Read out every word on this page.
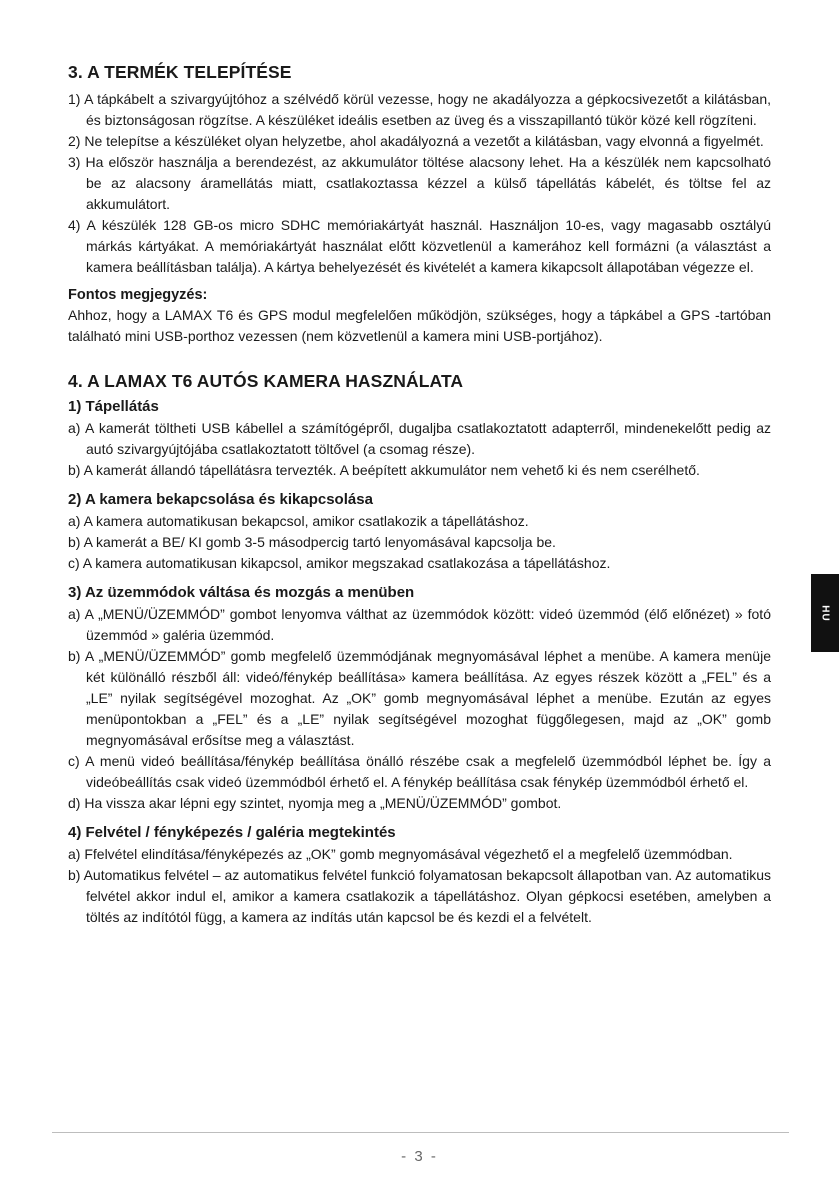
3. A TERMÉK TELEPÍTÉSE
1) A tápkábelt a szivargyújtóhoz a szélvédő körül vezesse, hogy ne akadályozza a gépkocsivezetőt a kilátásban, és biztonságosan rögzítse. A készüléket ideális esetben az üveg és a visszapillantó tükör közé kell rögzíteni.
2) Ne telepítse a készüléket olyan helyzetbe, ahol akadályozná a vezetőt a kilátásban, vagy elvonná a figyelmét.
3) Ha először használja a berendezést, az akkumulátor töltése alacsony lehet. Ha a készülék nem kapcsolható be az alacsony áramellátás miatt, csatlakoztassa kézzel a külső tápellátás kábelét, és töltse fel az akkumulátort.
4) A készülék 128 GB-os micro SDHC memóriakártyát használ. Használjon 10-es, vagy magasabb osztályú márkás kártyákat. A memóriakártyát használat előtt közvetlenül a kamerához kell formázni (a választást a kamera beállításban találja). A kártya behelyezését és kivételét a kamera kikapcsolt állapotában végezze el.
Fontos megjegyzés:

Ahhoz, hogy a LAMAX T6 és GPS modul megfelelően működjön, szükséges, hogy a tápkábel a GPS -tartóban található mini USB-porthoz vezessen (nem közvetlenül a kamera mini USB-portjához).

4. A LAMAX T6 AUTÓS KAMERA HASZNÁLATA
1) Tápellátás
a) A kamerát töltheti USB kábellel a számítógépről, dugaljba csatlakoztatott adapterről, mindenekelőtt pedig az autó szivargyújtójába csatlakoztatott töltővel (a csomag része).
b) A kamerát állandó tápellátásra tervezték. A beépített akkumulátor nem vehető ki és nem cserélhető.
2) A kamera bekapcsolása és kikapcsolása
a) A kamera automatikusan bekapcsol, amikor csatlakozik a tápellátáshoz.
b) A kamerát a BE/ KI gomb 3-5 másodpercig tartó lenyomásával kapcsolja be.
c) A kamera automatikusan kikapcsol, amikor megszakad csatlakozása a tápellátáshoz.
3) Az üzemmódok váltása és mozgás a menüben
a) A „MENÜ/ÜZEMMÓD” gombot lenyomva válthat az üzemmódok között: videó üzemmód (élő előnézet) » fotó üzemmód » galéria üzemmód.
b) A „MENÜ/ÜZEMMÓD” gomb megfelelő üzemmódjának megnyomásával léphet a menübe. A kamera menüje két különálló részből áll: videó/fénykép beállítása» kamera beállítása. Az egyes részek között a „FEL” és a „LE” nyilak segítségével mozoghat. Az „OK” gomb megnyomásával léphet a menübe. Ezután az egyes menüpontokban a „FEL” és a „LE” nyilak segítségével mozoghat függőlegesen, majd az „OK” gomb megnyomásával erősítse meg a választást.
c) A menü videó beállítása/fénykép beállítása önálló részébe csak a megfelelő üzemmódból léphet be. Így a videóbeállítás csak videó üzemmódból érhető el. A fénykép beállítása csak fénykép üzemmódból érhető el.
d) Ha vissza akar lépni egy szintet, nyomja meg a „MENÜ/ÜZEMMÓD” gombot.
4) Felvétel / fényképezés / galéria megtekintés
a) Ffelvétel elindítása/fényképezés az „OK” gomb megnyomásával végezhető el a megfelelő üzemmódban.
b) Automatikus felvétel – az automatikus felvétel funkció folyamatosan bekapcsolt állapotban van. Az automatikus felvétel akkor indul el, amikor a kamera csatlakozik a tápellátáshoz. Olyan gépkocsi esetében, amelyben a töltés az indítótól függ, a kamera az indítás után kapcsol be és kezdi el a felvételt.
HU
- 3 -
